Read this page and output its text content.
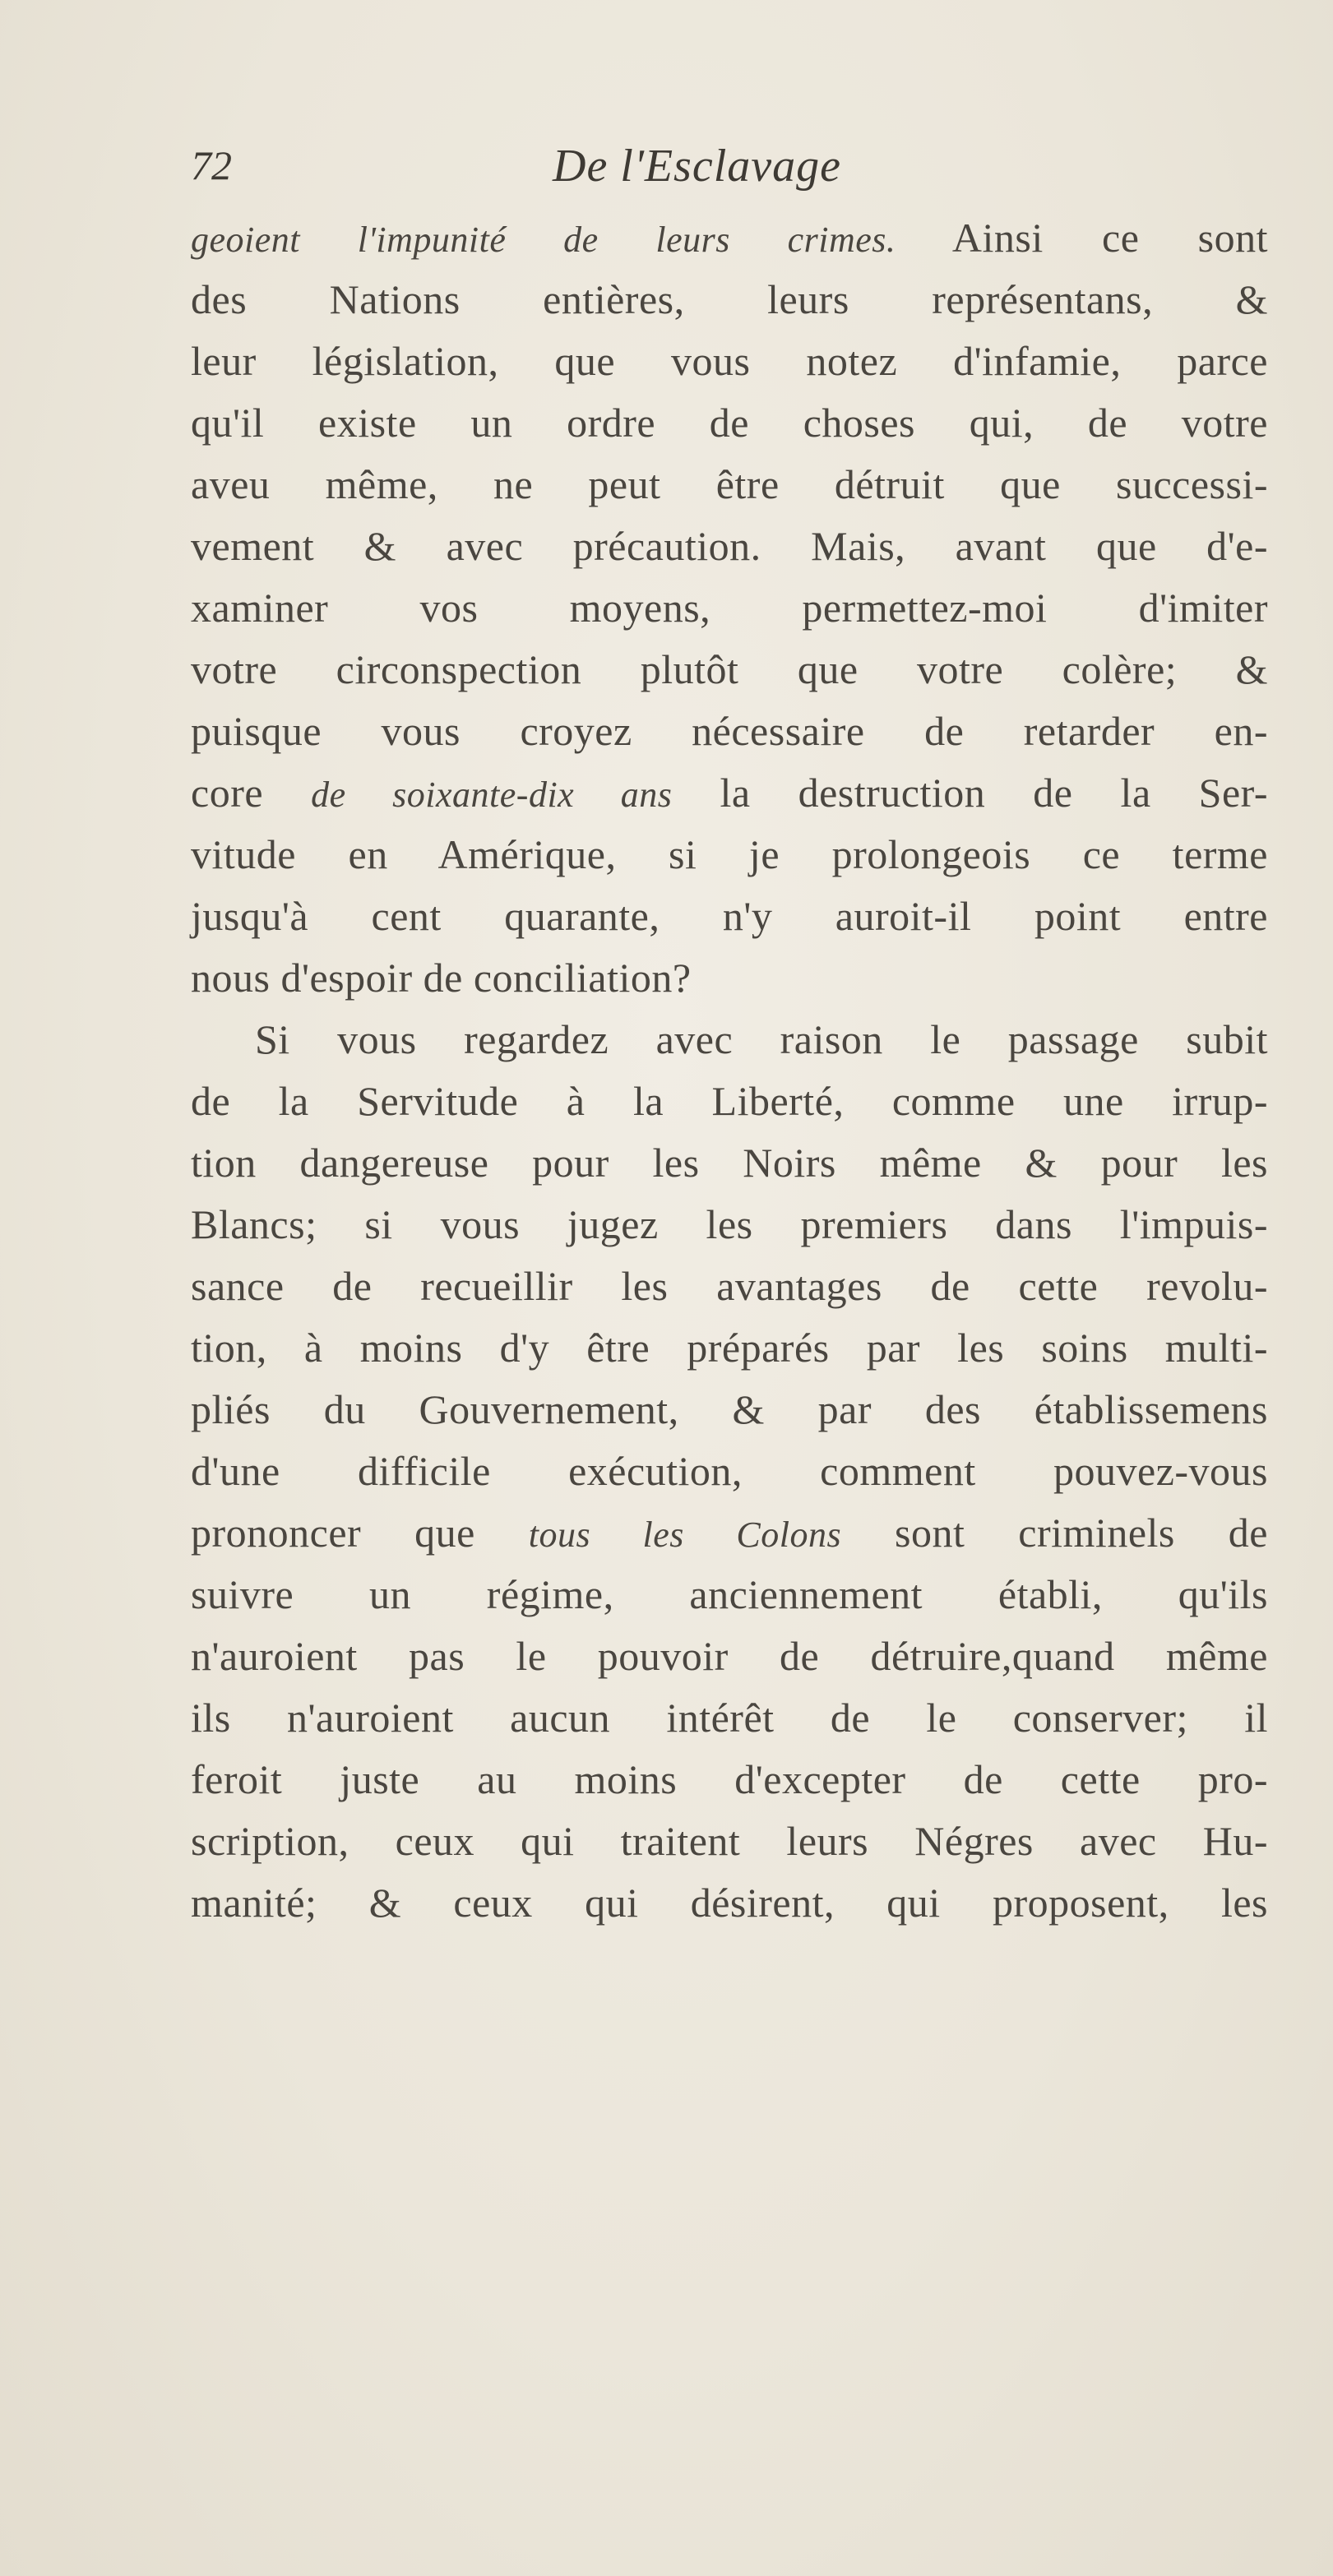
72	De l'Esclavage
geoient l'impunité de leurs crimes. Ainsi ce sont
des Nations entières, leurs représentans, &
leur législation, que vous notez d'infamie, parce
qu'il existe un ordre de choses qui, de votre
aveu même, ne peut être détruit que successi-
vement & avec précaution. Mais, avant que d'e-
xaminer vos moyens, permettez-moi d'imiter
votre circonspection plutôt que votre colère; &
puisque vous croyez nécessaire de retarder en-
core de soixante-dix ans la destruction de la Ser-
vitude en Amérique, si je prolongeois ce terme
jusqu'à cent quarante, n'y auroit-il point entre
nous d'espoir de conciliation?
Si vous regardez avec raison le passage subit
de la Servitude à la Liberté, comme une irrup-
tion dangereuse pour les Noirs même & pour les
Blancs; si vous jugez les premiers dans l'impuis-
sance de recueillir les avantages de cette revolu-
tion, à moins d'y être préparés par les soins multi-
pliés du Gouvernement, & par des établissemens
d'une difficile exécution, comment pouvez-vous
prononcer que tous les Colons sont criminels de
suivre un régime, anciennement établi, qu'ils
n'auroient pas le pouvoir de détruire,quand même
ils n'auroient aucun intérêt de le conserver; il
feroit juste au moins d'excepter de cette pro-
scription, ceux qui traitent leurs Négres avec Hu-
manité; & ceux qui désirent, qui proposent, les
